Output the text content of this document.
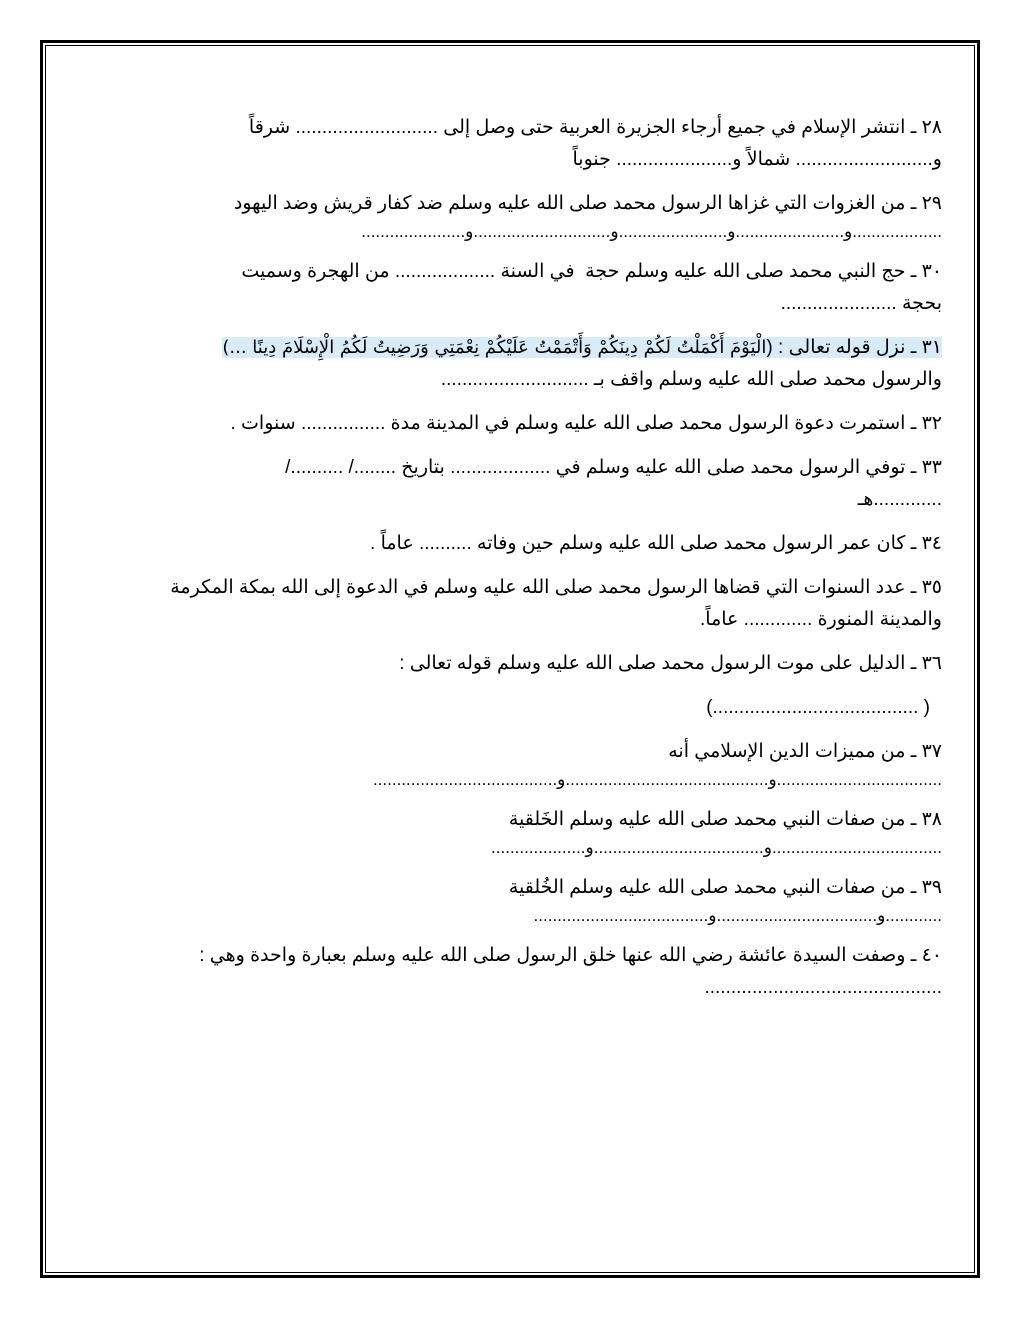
٢٨ ـ انتشر الإسلام في جميع أرجاء الجزيرة العربية حتى وصل إلى ........................... شرقاً

و.......................... شمالاً و...................... جنوباً

٢٩ ـ من الغزوات التي غزاها الرسول محمد صلى الله عليه وسلم ضد كفار قريش وضد اليهود

...................و.......................و.......................و.............................و......................

٣٠ ـ حج النبي محمد صلى الله عليه وسلم حجة  في السنة ................... من الهجرة وسميت

بحجة ......................

٣١ ـ نزل قوله تعالى : (الْيَوْمَ أَكْمَلْتُ لَكُمْ دِينَكُمْ وَأَتْمَمْتُ عَلَيْكُمْ نِعْمَتِي وَرَضِيتُ لَكُمُ الْإِسْلَامَ دِينًا ...)

والرسول محمد صلى الله عليه وسلم واقف بـ ............................

٣٢ ـ استمرت دعوة الرسول محمد صلى الله عليه وسلم في المدينة مدة ................ سنوات .

٣٣ ـ توفي الرسول محمد صلى الله عليه وسلم في ................... بتاريخ ......../ ........../

.............هـ

٣٤ ـ كان عمر الرسول محمد صلى الله عليه وسلم حين وفاته .......... عاماً .

٣٥ ـ عدد السنوات التي قضاها الرسول محمد صلى الله عليه وسلم في الدعوة إلى الله بمكة المكرمة

والمدينة المنورة ............. عاماً.

٣٦ ـ الدليل على موت الرسول محمد صلى الله عليه وسلم قوله تعالى :

( .......................................)

٣٧ ـ من مميزات الدين الإسلامي أنه

...................................و...........................................و.......................................

٣٨ ـ من صفات النبي محمد صلى الله عليه وسلم الخَلقية

....................................و....................................و....................

٣٩ ـ من صفات النبي محمد صلى الله عليه وسلم الخُلقية

............و..................................و.....................................

٤٠ ـ وصفت السيدة عائشة رضي الله عنها خلق الرسول صلى الله عليه وسلم بعبارة واحدة وهي :

.............................................
